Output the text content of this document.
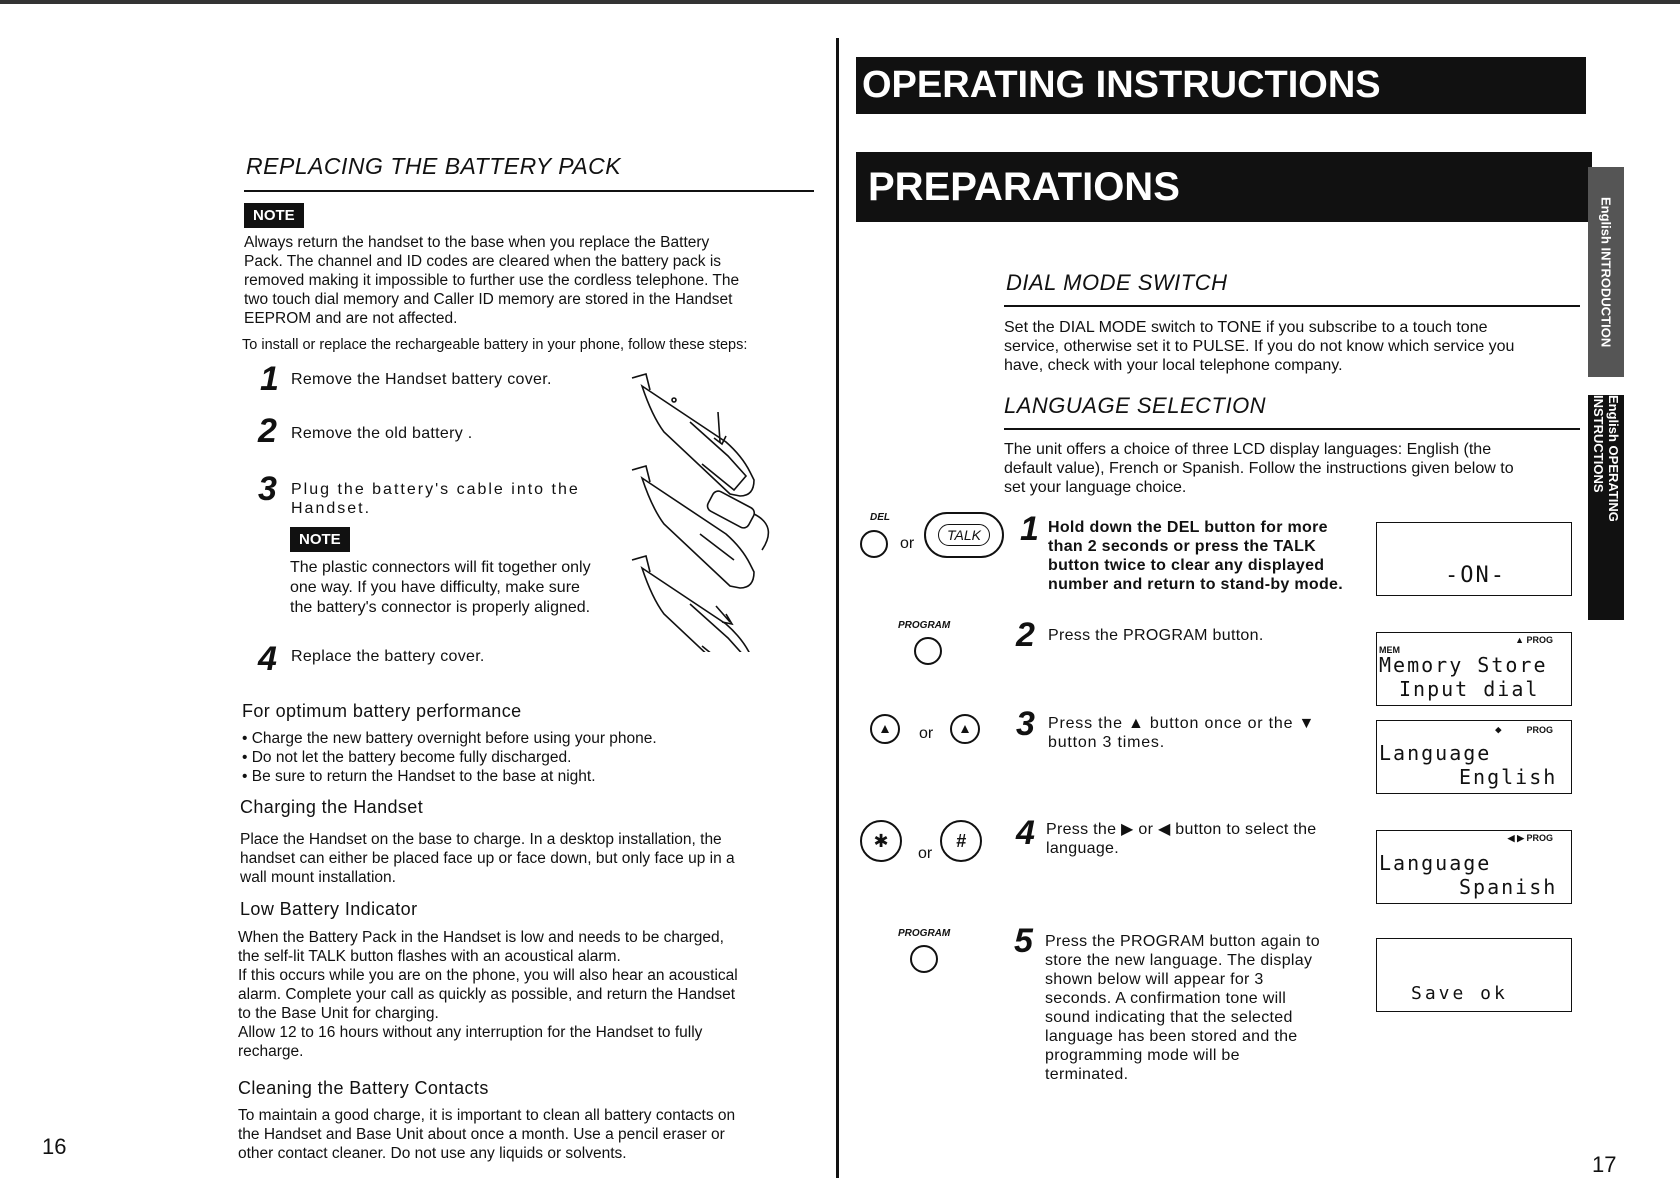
REPLACING THE BATTERY PACK
NOTE
Always return the handset to the base when you replace the Battery
Pack. The channel and ID codes are cleared when the battery pack is
removed making it impossible to further use the cordless telephone. The
two touch dial memory and Caller ID memory are stored in the Handset
EEPROM and are not affected.
To install or replace the rechargeable battery in your phone, follow these steps:
1 Remove the Handset battery cover.
2 Remove the old battery .
3 Plug the battery's cable into the Handset.
NOTE
The plastic connectors will fit together only
one way. If you have difficulty, make sure
the battery's connector is properly aligned.
4 Replace the battery cover.
For optimum battery performance
• Charge the new battery overnight before using your phone.
• Do not let the battery become fully discharged.
• Be sure to return the Handset to the base at night.
Charging the Handset
Place the Handset on the base to charge. In a desktop installation, the
handset can either be placed face up or face down, but only face up in a
wall mount installation.
Low Battery Indicator
When the Battery Pack in the Handset is low and needs to be charged,
the self-lit TALK button flashes with an acoustical alarm.
If this occurs while you are on the phone, you will also hear an acoustical
alarm. Complete your call as quickly as possible, and return the Handset
to the Base Unit for charging.
Allow 12 to 16 hours without any interruption for the Handset to fully
recharge.
Cleaning the Battery Contacts
To maintain a good charge, it is important to clean all battery contacts on
the Handset and Base Unit about once a month. Use a pencil eraser or
other contact cleaner. Do not use any liquids or solvents.
16
OPERATING INSTRUCTIONS
PREPARATIONS
English INTRODUCTION
English OPERATING INSTRUCTIONS
DIAL MODE SWITCH
Set the DIAL MODE switch to TONE if you subscribe to a touch tone
service, otherwise set it to PULSE. If you do not know which service you
have, check with your local telephone company.
LANGUAGE SELECTION
The unit offers a choice of three LCD display languages: English (the
default value), French or Spanish. Follow the instructions given below to
set your language choice.
DEL
or	TALK
PROGRAM
or
✱
or
#
PROGRAM
1 Hold down the DEL button for more
than 2 seconds or press the TALK
button twice to clear any displayed
number and return to stand-by mode.
2 Press the PROGRAM button.
3 Press the ▲ button once or the ▼
button 3 times.
4 Press the ▶ or ◀ button to select the
language.
5 Press the PROGRAM button again to
store the new language. The display
shown below will appear for 3
seconds. A confirmation tone will
sound indicating that the selected
language has been stored and the
programming mode will be
terminated.
-ON-
▲ PROG
MEM
Memory Store
Input dial
◆	PROG
Language
English
◀ ▶ PROG
Language
Spanish
Save ok
17
